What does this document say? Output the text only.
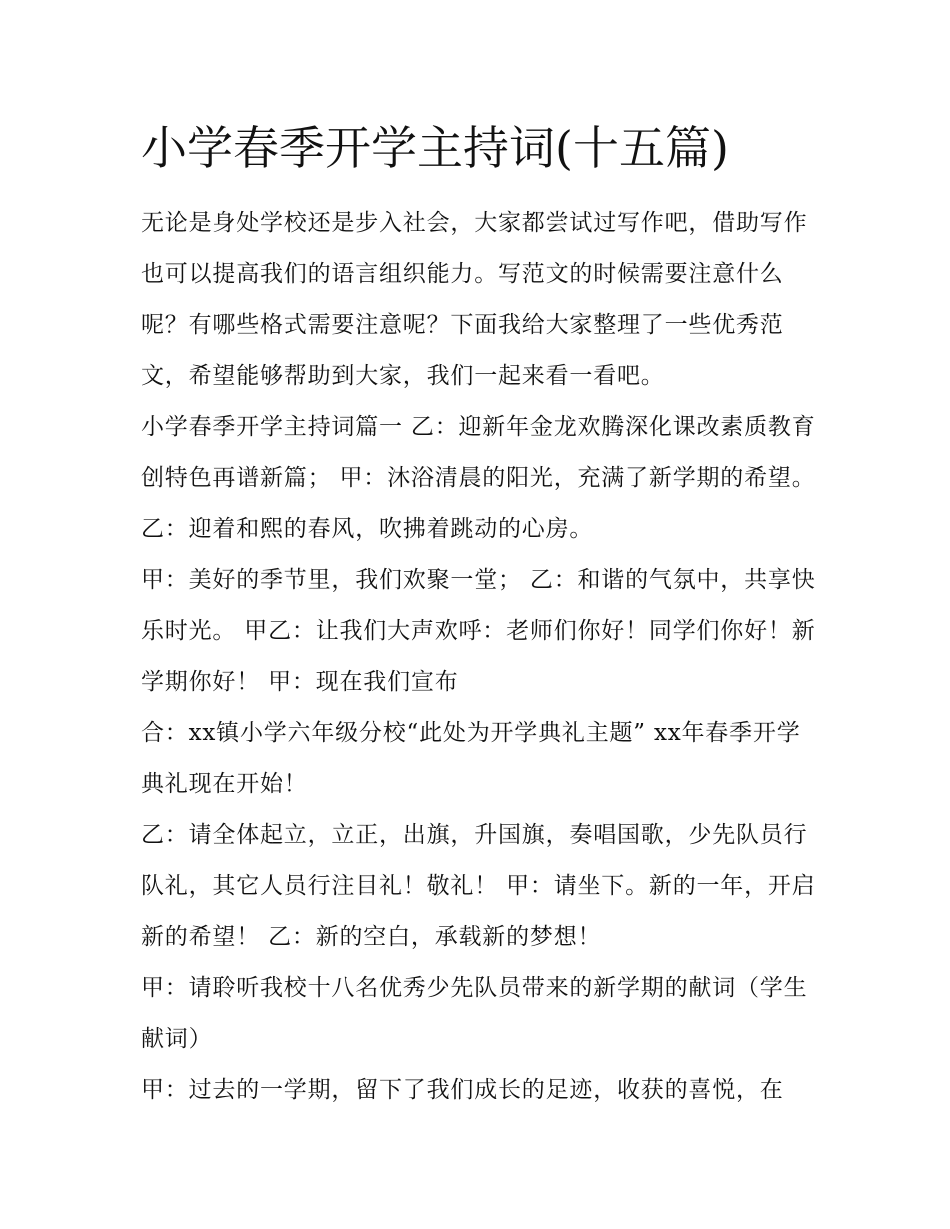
小学春季开学主持词(十五篇)

无论是身处学校还是步入社会，大家都尝试过写作吧，借助写作也可以提高我们的语言组织能力。写范文的时候需要注意什么呢？有哪些格式需要注意呢？下面我给大家整理了一些优秀范文，希望能够帮助到大家，我们一起来看一看吧。

小学春季开学主持词篇一 乙：迎新年金龙欢腾深化课改素质教育创特色再谱新篇； 甲：沐浴清晨的阳光，充满了新学期的希望。 乙：迎着和熙的春风，吹拂着跳动的心房。

甲：美好的季节里，我们欢聚一堂； 乙：和谐的气氛中，共享快乐时光。 甲乙：让我们大声欢呼：老师们你好！同学们你好！新学期你好！ 甲：现在我们宣布

合：xx镇小学六年级分校“此处为开学典礼主题” xx年春季开学典礼现在开始！

乙：请全体起立，立正，出旗，升国旗，奏唱国歌，少先队员行队礼，其它人员行注目礼！敬礼！ 甲：请坐下。新的一年，开启新的希望！ 乙：新的空白，承载新的梦想！

甲：请聆听我校十八名优秀少先队员带来的新学期的献词（学生献词）

甲：过去的一学期，留下了我们成长的足迹，收获的喜悦，在
